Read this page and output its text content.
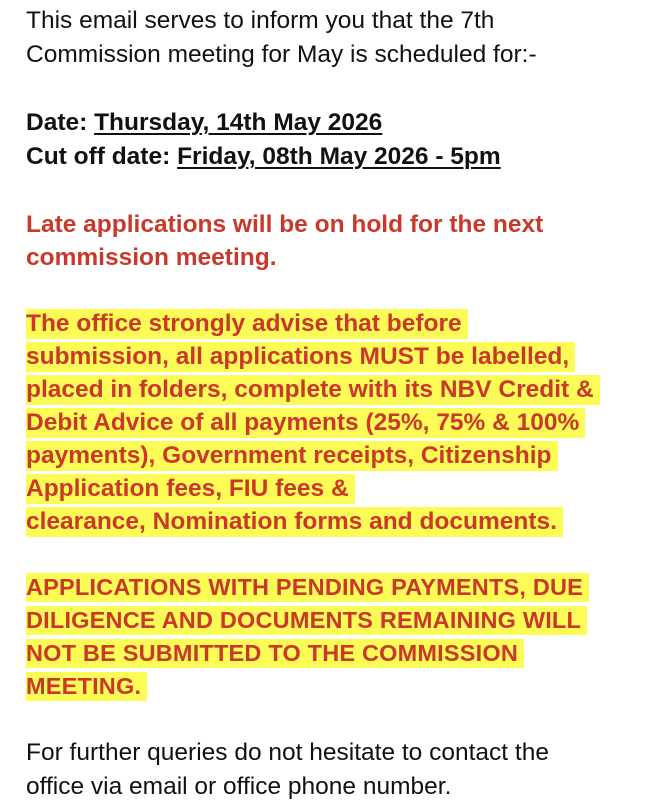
This email serves to inform you that the 7th
Commission meeting for May is scheduled for:-
Date: Thursday, 14th May 2026
Cut off date: Friday, 08th May 2026 - 5pm
Late applications will be on hold for the next
commission meeting.
The office strongly advise that before
submission, all applications MUST be labelled,
placed in folders, complete with its NBV Credit &
Debit Advice of all payments (25%, 75% & 100%
payments), Government receipts, Citizenship
Application fees, FIU fees &
clearance, Nomination forms and documents.
APPLICATIONS WITH PENDING PAYMENTS, DUE
DILIGENCE AND DOCUMENTS REMAINING WILL
NOT BE SUBMITTED TO THE COMMISSION
MEETING.
For further queries do not hesitate to contact the
office via email or office phone number.
